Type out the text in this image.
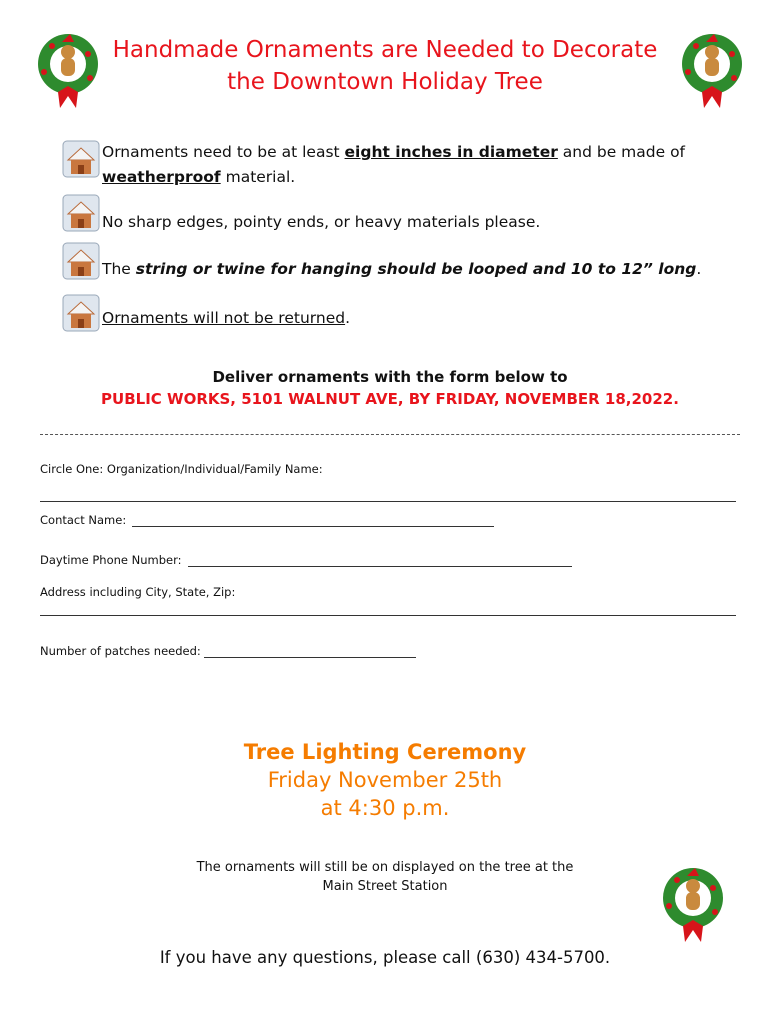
Handmade Ornaments are Needed to Decorate
the Downtown Holiday Tree
Ornaments need to be at least eight inches in diameter and be made of
weatherproof material.
No sharp edges, pointy ends, or heavy materials please.
The string or twine for hanging should be looped and 10 to 12” long.
Ornaments will not be returned.
Deliver ornaments with the form below to
PUBLIC WORKS, 5101 WALNUT AVE, BY FRIDAY, NOVEMBER 18,2022.
Circle One: Organization/Individual/Family Name:
Contact Name:
Daytime Phone Number:
Address including City, State, Zip:
Number of patches needed:
Tree Lighting Ceremony
Friday November 25th
at 4:30 p.m.
The ornaments will still be on displayed on the tree at the
Main Street Station
If you have any questions, please call (630) 434-5700.
